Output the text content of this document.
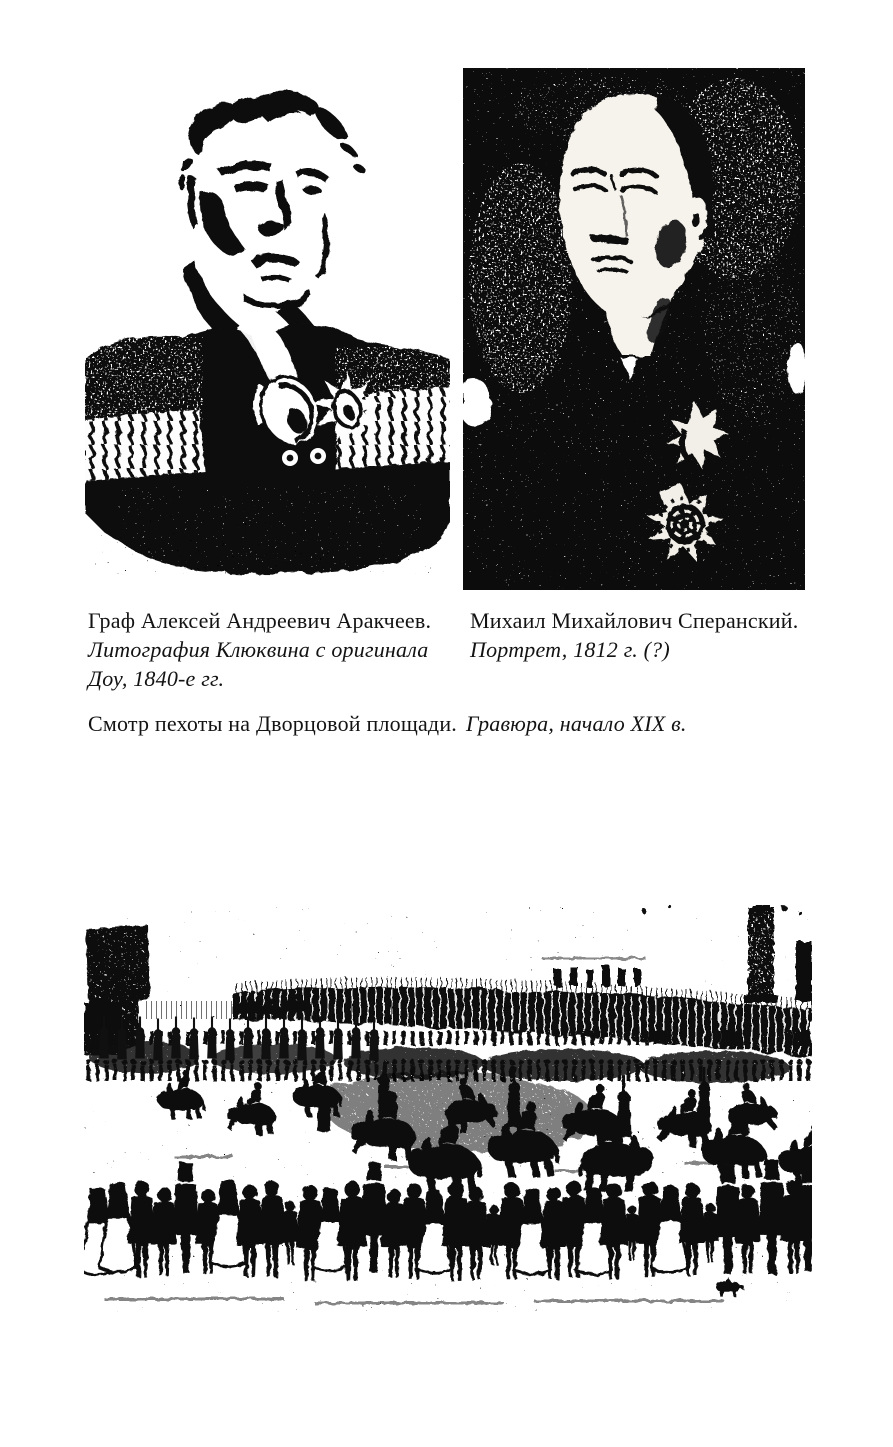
Граф Алексей Андреевич Аракчеев.
Литография Клюквина с оригинала
Доу, 1840-е гг.
Михаил Михайлович Сперанский.
Портрет, 1812 г. (?)
Смотр пехоты на Дворцовой площади. Гравюра, начало XIX в.
